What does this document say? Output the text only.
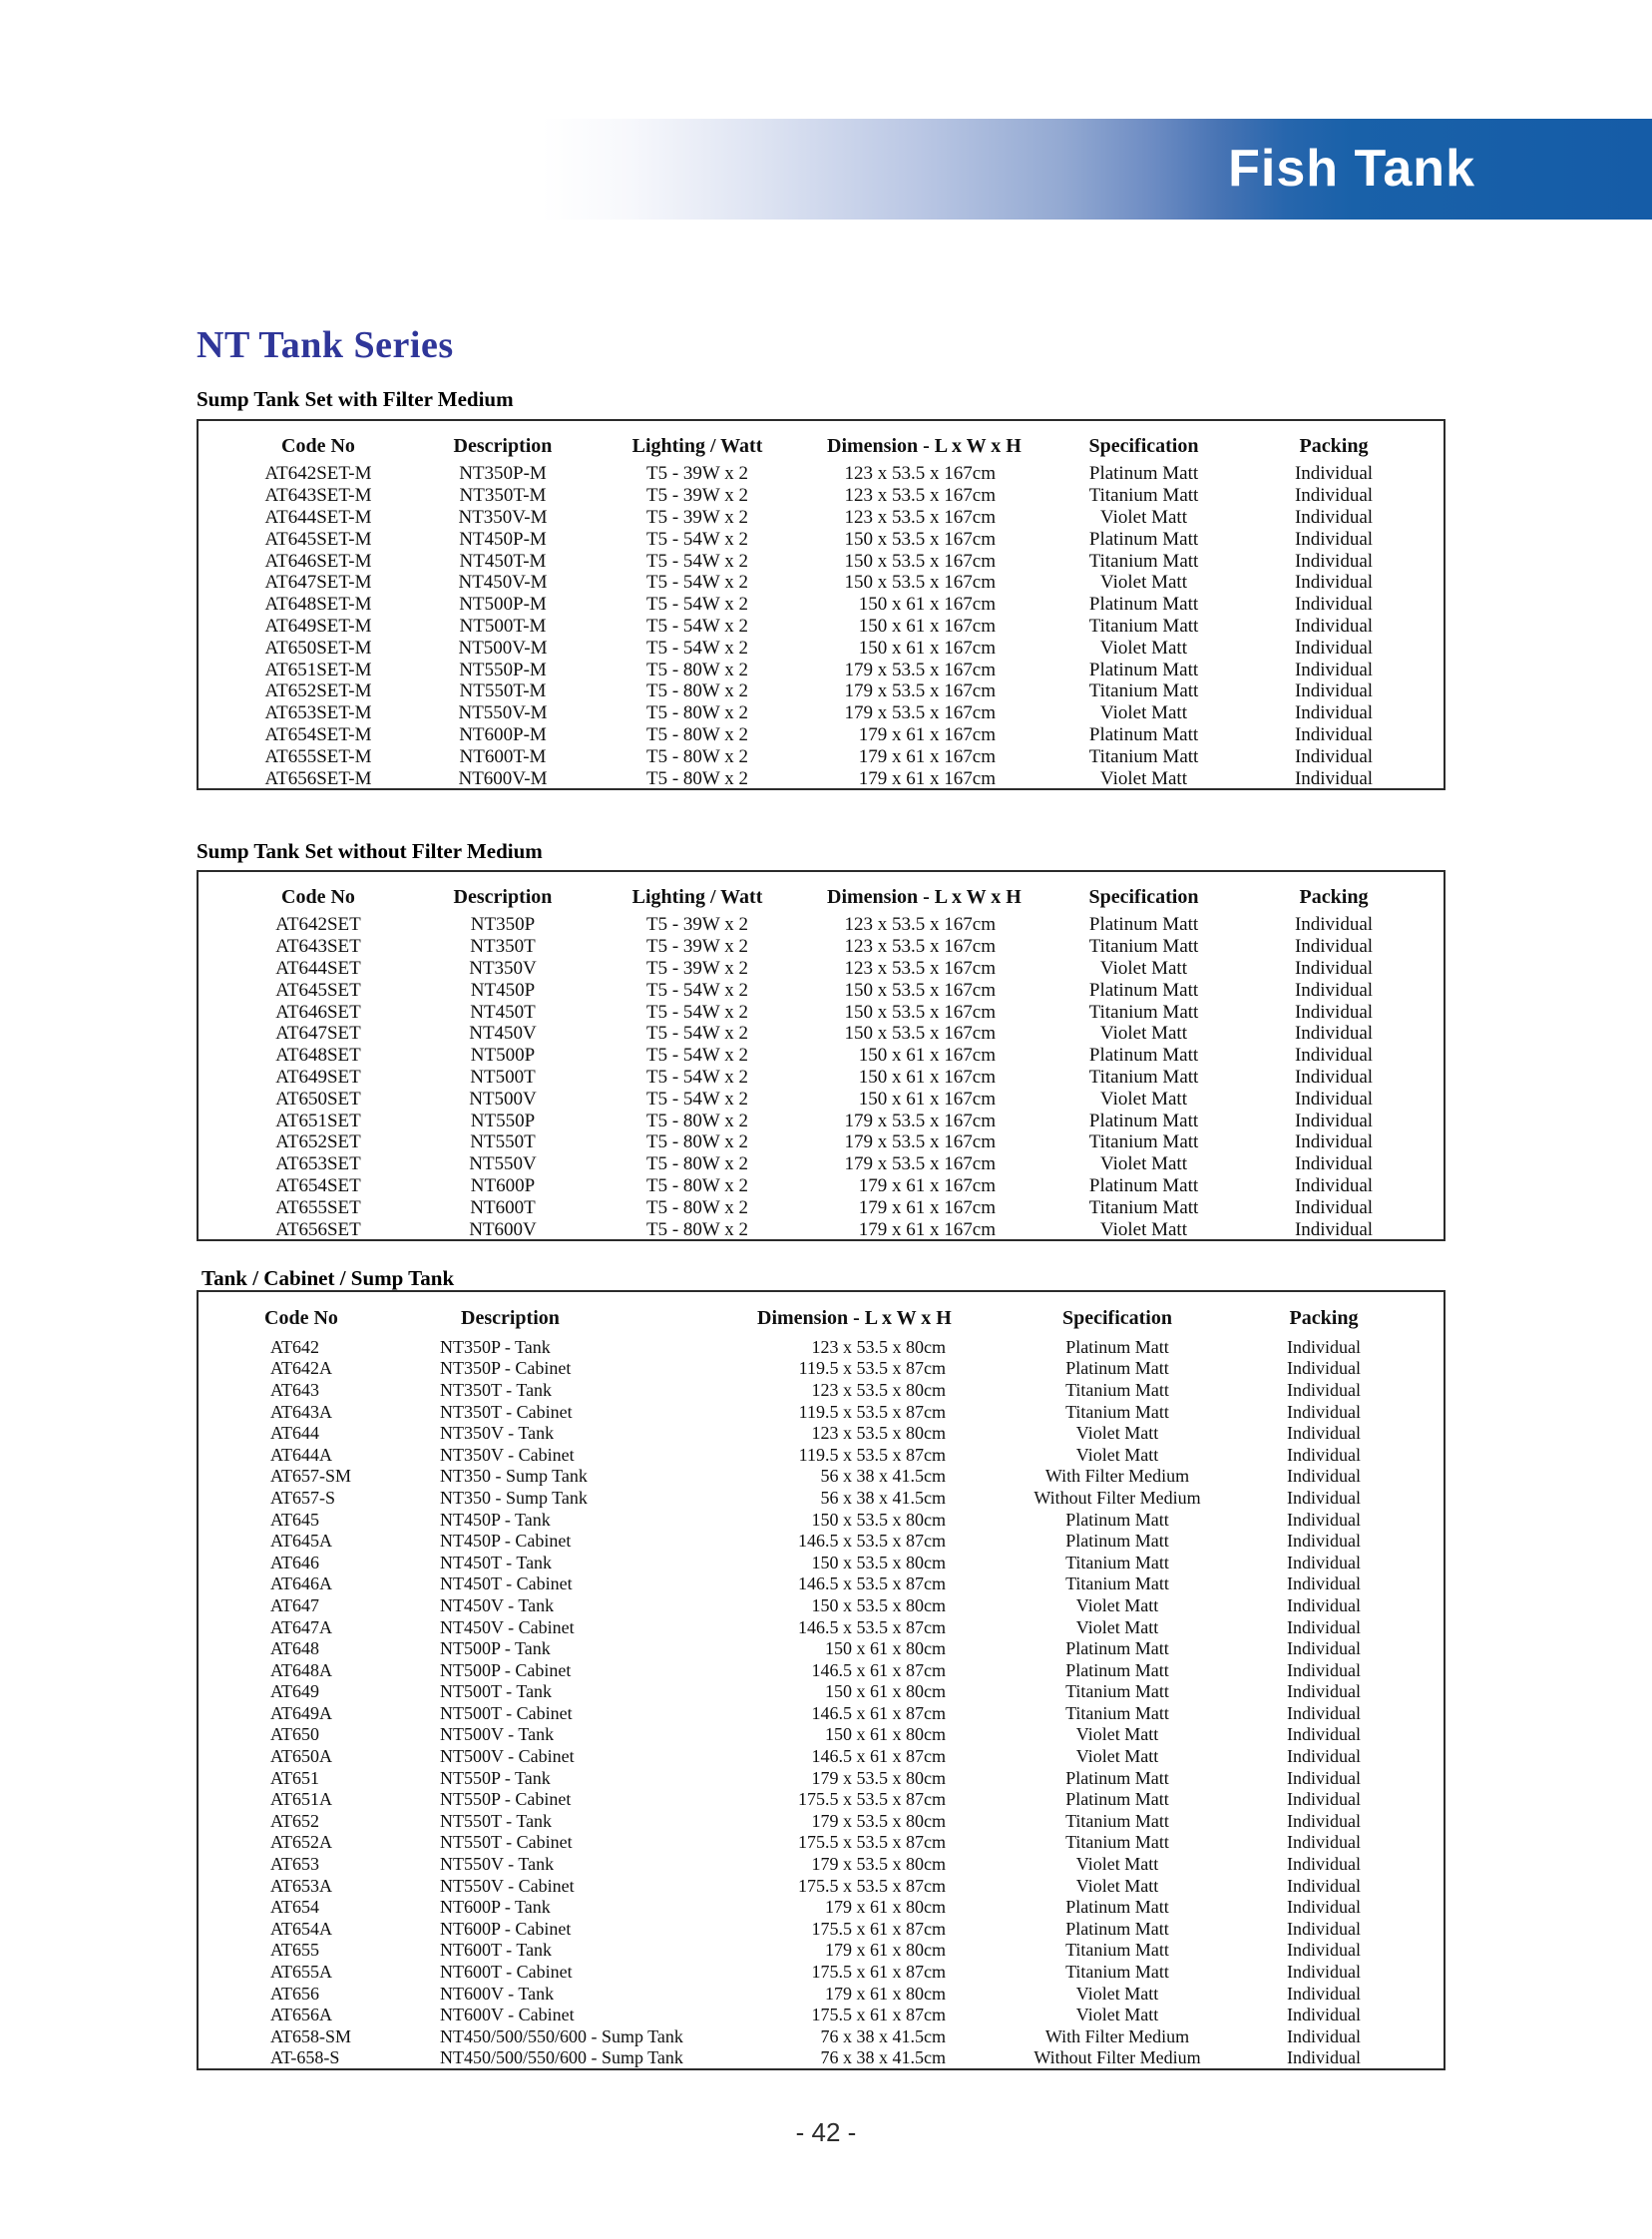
Fish Tank
NT Tank Series
Sump Tank Set with Filter Medium
Code No	Description	Lighting / Watt	Dimension - L x W x H	Specification	Packing
AT642SET-M	NT350P-M	T5 - 39W x 2	123 x 53.5 x 167cm	Platinum Matt	Individual
AT643SET-M	NT350T-M	T5 - 39W x 2	123 x 53.5 x 167cm	Titanium Matt	Individual
AT644SET-M	NT350V-M	T5 - 39W x 2	123 x 53.5 x 167cm	Violet Matt	Individual
AT645SET-M	NT450P-M	T5 - 54W x 2	150 x 53.5 x 167cm	Platinum Matt	Individual
AT646SET-M	NT450T-M	T5 - 54W x 2	150 x 53.5 x 167cm	Titanium Matt	Individual
AT647SET-M	NT450V-M	T5 - 54W x 2	150 x 53.5 x 167cm	Violet Matt	Individual
AT648SET-M	NT500P-M	T5 - 54W x 2	150 x 61 x 167cm	Platinum Matt	Individual
AT649SET-M	NT500T-M	T5 - 54W x 2	150 x 61 x 167cm	Titanium Matt	Individual
AT650SET-M	NT500V-M	T5 - 54W x 2	150 x 61 x 167cm	Violet Matt	Individual
AT651SET-M	NT550P-M	T5 - 80W x 2	179 x 53.5 x 167cm	Platinum Matt	Individual
AT652SET-M	NT550T-M	T5 - 80W x 2	179 x 53.5 x 167cm	Titanium Matt	Individual
AT653SET-M	NT550V-M	T5 - 80W x 2	179 x 53.5 x 167cm	Violet Matt	Individual
AT654SET-M	NT600P-M	T5 - 80W x 2	179 x 61 x 167cm	Platinum Matt	Individual
AT655SET-M	NT600T-M	T5 - 80W x 2	179 x 61 x 167cm	Titanium Matt	Individual
AT656SET-M	NT600V-M	T5 - 80W x 2	179 x 61 x 167cm	Violet Matt	Individual
Sump Tank Set without Filter Medium
Code No	Description	Lighting / Watt	Dimension - L x W x H	Specification	Packing
AT642SET	NT350P	T5 - 39W x 2	123 x 53.5 x 167cm	Platinum Matt	Individual
AT643SET	NT350T	T5 - 39W x 2	123 x 53.5 x 167cm	Titanium Matt	Individual
AT644SET	NT350V	T5 - 39W x 2	123 x 53.5 x 167cm	Violet Matt	Individual
AT645SET	NT450P	T5 - 54W x 2	150 x 53.5 x 167cm	Platinum Matt	Individual
AT646SET	NT450T	T5 - 54W x 2	150 x 53.5 x 167cm	Titanium Matt	Individual
AT647SET	NT450V	T5 - 54W x 2	150 x 53.5 x 167cm	Violet Matt	Individual
AT648SET	NT500P	T5 - 54W x 2	150 x 61 x 167cm	Platinum Matt	Individual
AT649SET	NT500T	T5 - 54W x 2	150 x 61 x 167cm	Titanium Matt	Individual
AT650SET	NT500V	T5 - 54W x 2	150 x 61 x 167cm	Violet Matt	Individual
AT651SET	NT550P	T5 - 80W x 2	179 x 53.5 x 167cm	Platinum Matt	Individual
AT652SET	NT550T	T5 - 80W x 2	179 x 53.5 x 167cm	Titanium Matt	Individual
AT653SET	NT550V	T5 - 80W x 2	179 x 53.5 x 167cm	Violet Matt	Individual
AT654SET	NT600P	T5 - 80W x 2	179 x 61 x 167cm	Platinum Matt	Individual
AT655SET	NT600T	T5 - 80W x 2	179 x 61 x 167cm	Titanium Matt	Individual
AT656SET	NT600V	T5 - 80W x 2	179 x 61 x 167cm	Violet Matt	Individual
Tank / Cabinet / Sump Tank
Code No	Description	Dimension - L x W x H	Specification	Packing
AT642	NT350P - Tank	123 x 53.5 x 80cm	Platinum Matt	Individual
AT642A	NT350P - Cabinet	119.5 x 53.5 x 87cm	Platinum Matt	Individual
AT643	NT350T - Tank	123 x 53.5 x 80cm	Titanium Matt	Individual
AT643A	NT350T - Cabinet	119.5 x 53.5 x 87cm	Titanium Matt	Individual
AT644	NT350V - Tank	123 x 53.5 x 80cm	Violet Matt	Individual
AT644A	NT350V - Cabinet	119.5 x 53.5 x 87cm	Violet Matt	Individual
AT657-SM	NT350 - Sump Tank	56 x 38 x 41.5cm	With Filter Medium	Individual
AT657-S	NT350 - Sump Tank	56 x 38 x 41.5cm	Without Filter Medium	Individual
AT645	NT450P - Tank	150 x 53.5 x 80cm	Platinum Matt	Individual
AT645A	NT450P - Cabinet	146.5 x 53.5 x 87cm	Platinum Matt	Individual
AT646	NT450T - Tank	150 x 53.5 x 80cm	Titanium Matt	Individual
AT646A	NT450T - Cabinet	146.5 x 53.5 x 87cm	Titanium Matt	Individual
AT647	NT450V - Tank	150 x 53.5 x 80cm	Violet Matt	Individual
AT647A	NT450V - Cabinet	146.5 x 53.5 x 87cm	Violet Matt	Individual
AT648	NT500P - Tank	150 x 61 x 80cm	Platinum Matt	Individual
AT648A	NT500P - Cabinet	146.5 x 61 x 87cm	Platinum Matt	Individual
AT649	NT500T - Tank	150 x 61 x 80cm	Titanium Matt	Individual
AT649A	NT500T - Cabinet	146.5 x 61 x 87cm	Titanium Matt	Individual
AT650	NT500V - Tank	150 x 61 x 80cm	Violet Matt	Individual
AT650A	NT500V - Cabinet	146.5 x 61 x 87cm	Violet Matt	Individual
AT651	NT550P - Tank	179 x 53.5 x 80cm	Platinum Matt	Individual
AT651A	NT550P - Cabinet	175.5 x 53.5 x 87cm	Platinum Matt	Individual
AT652	NT550T - Tank	179 x 53.5 x 80cm	Titanium Matt	Individual
AT652A	NT550T - Cabinet	175.5 x 53.5 x 87cm	Titanium Matt	Individual
AT653	NT550V - Tank	179 x 53.5 x 80cm	Violet Matt	Individual
AT653A	NT550V - Cabinet	175.5 x 53.5 x 87cm	Violet Matt	Individual
AT654	NT600P - Tank	179 x 61 x 80cm	Platinum Matt	Individual
AT654A	NT600P - Cabinet	175.5 x 61 x 87cm	Platinum Matt	Individual
AT655	NT600T - Tank	179 x 61 x 80cm	Titanium Matt	Individual
AT655A	NT600T - Cabinet	175.5 x 61 x 87cm	Titanium Matt	Individual
AT656	NT600V - Tank	179 x 61 x 80cm	Violet Matt	Individual
AT656A	NT600V - Cabinet	175.5 x 61 x 87cm	Violet Matt	Individual
AT658-SM	NT450/500/550/600 - Sump Tank	76 x 38 x 41.5cm	With Filter Medium	Individual
AT-658-S	NT450/500/550/600 - Sump Tank	76 x 38 x 41.5cm	Without Filter Medium	Individual
- 42 -
